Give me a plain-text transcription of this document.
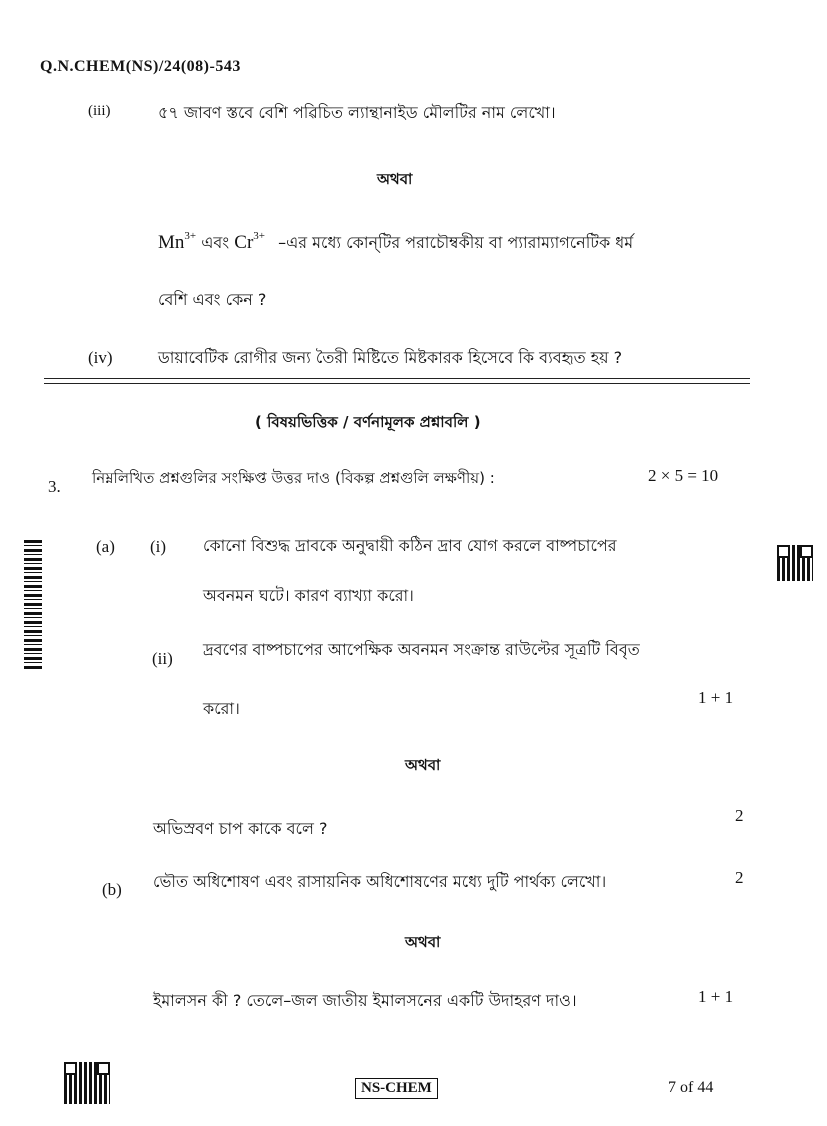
Q.N.CHEM(NS)/24(08)-543
(iii)	৫৭ জাবণ স্তবে বেশি পৱিচিত ল্যান্থানাইড মৌলটির নাম লেখো।
অথবা
$Mn^{3+}$ এবং $Cr^{3+}$ –এর মধ্যে কোন্‌টির পরাচৌম্বকীয় বা প্যারাম্যাগনেটিক ধর্ম
বেশি এবং কেন ?
(iv)	ডায়াবেটিক রোগীর জন্য তৈরী মিষ্টিতে মিষ্টকারক হিসেবে কি ব্যবহৃত হয় ?
( বিষয়ভিত্তিক / বর্ণনামূলক প্রশ্নাবলি )
3. নিম্নলিখিত প্রশ্নগুলির সংক্ষিপ্ত উত্তর দাও (বিকল্প প্রশ্নগুলি লক্ষণীয়) :	2 × 5 = 10
(a) (i) কোনো বিশুদ্ধ দ্রাবকে অনুদ্বায়ী কঠিন দ্রাব যোগ করলে বাষ্পচাপের
অবনমন ঘটে। কারণ ব্যাখ্যা করো।
(ii) দ্রবণের বাষ্পচাপের আপেক্ষিক অবনমন সংক্রান্ত রাউল্টের সূত্রটি বিবৃত
1 + 1
করো।
অথবা
অভিস্রবণ চাপ কাকে বলে ?
2
(b) ভৌত অধিশোষণ এবং রাসায়নিক অধিশোষণের মধ্যে দুটি পার্থক্য লেখো।	2
অথবা
ইমালসন কী ? তেলে–জল জাতীয় ইমালসনের একটি উদাহরণ দাও।	1 + 1
NS-CHEM	7 of 44
